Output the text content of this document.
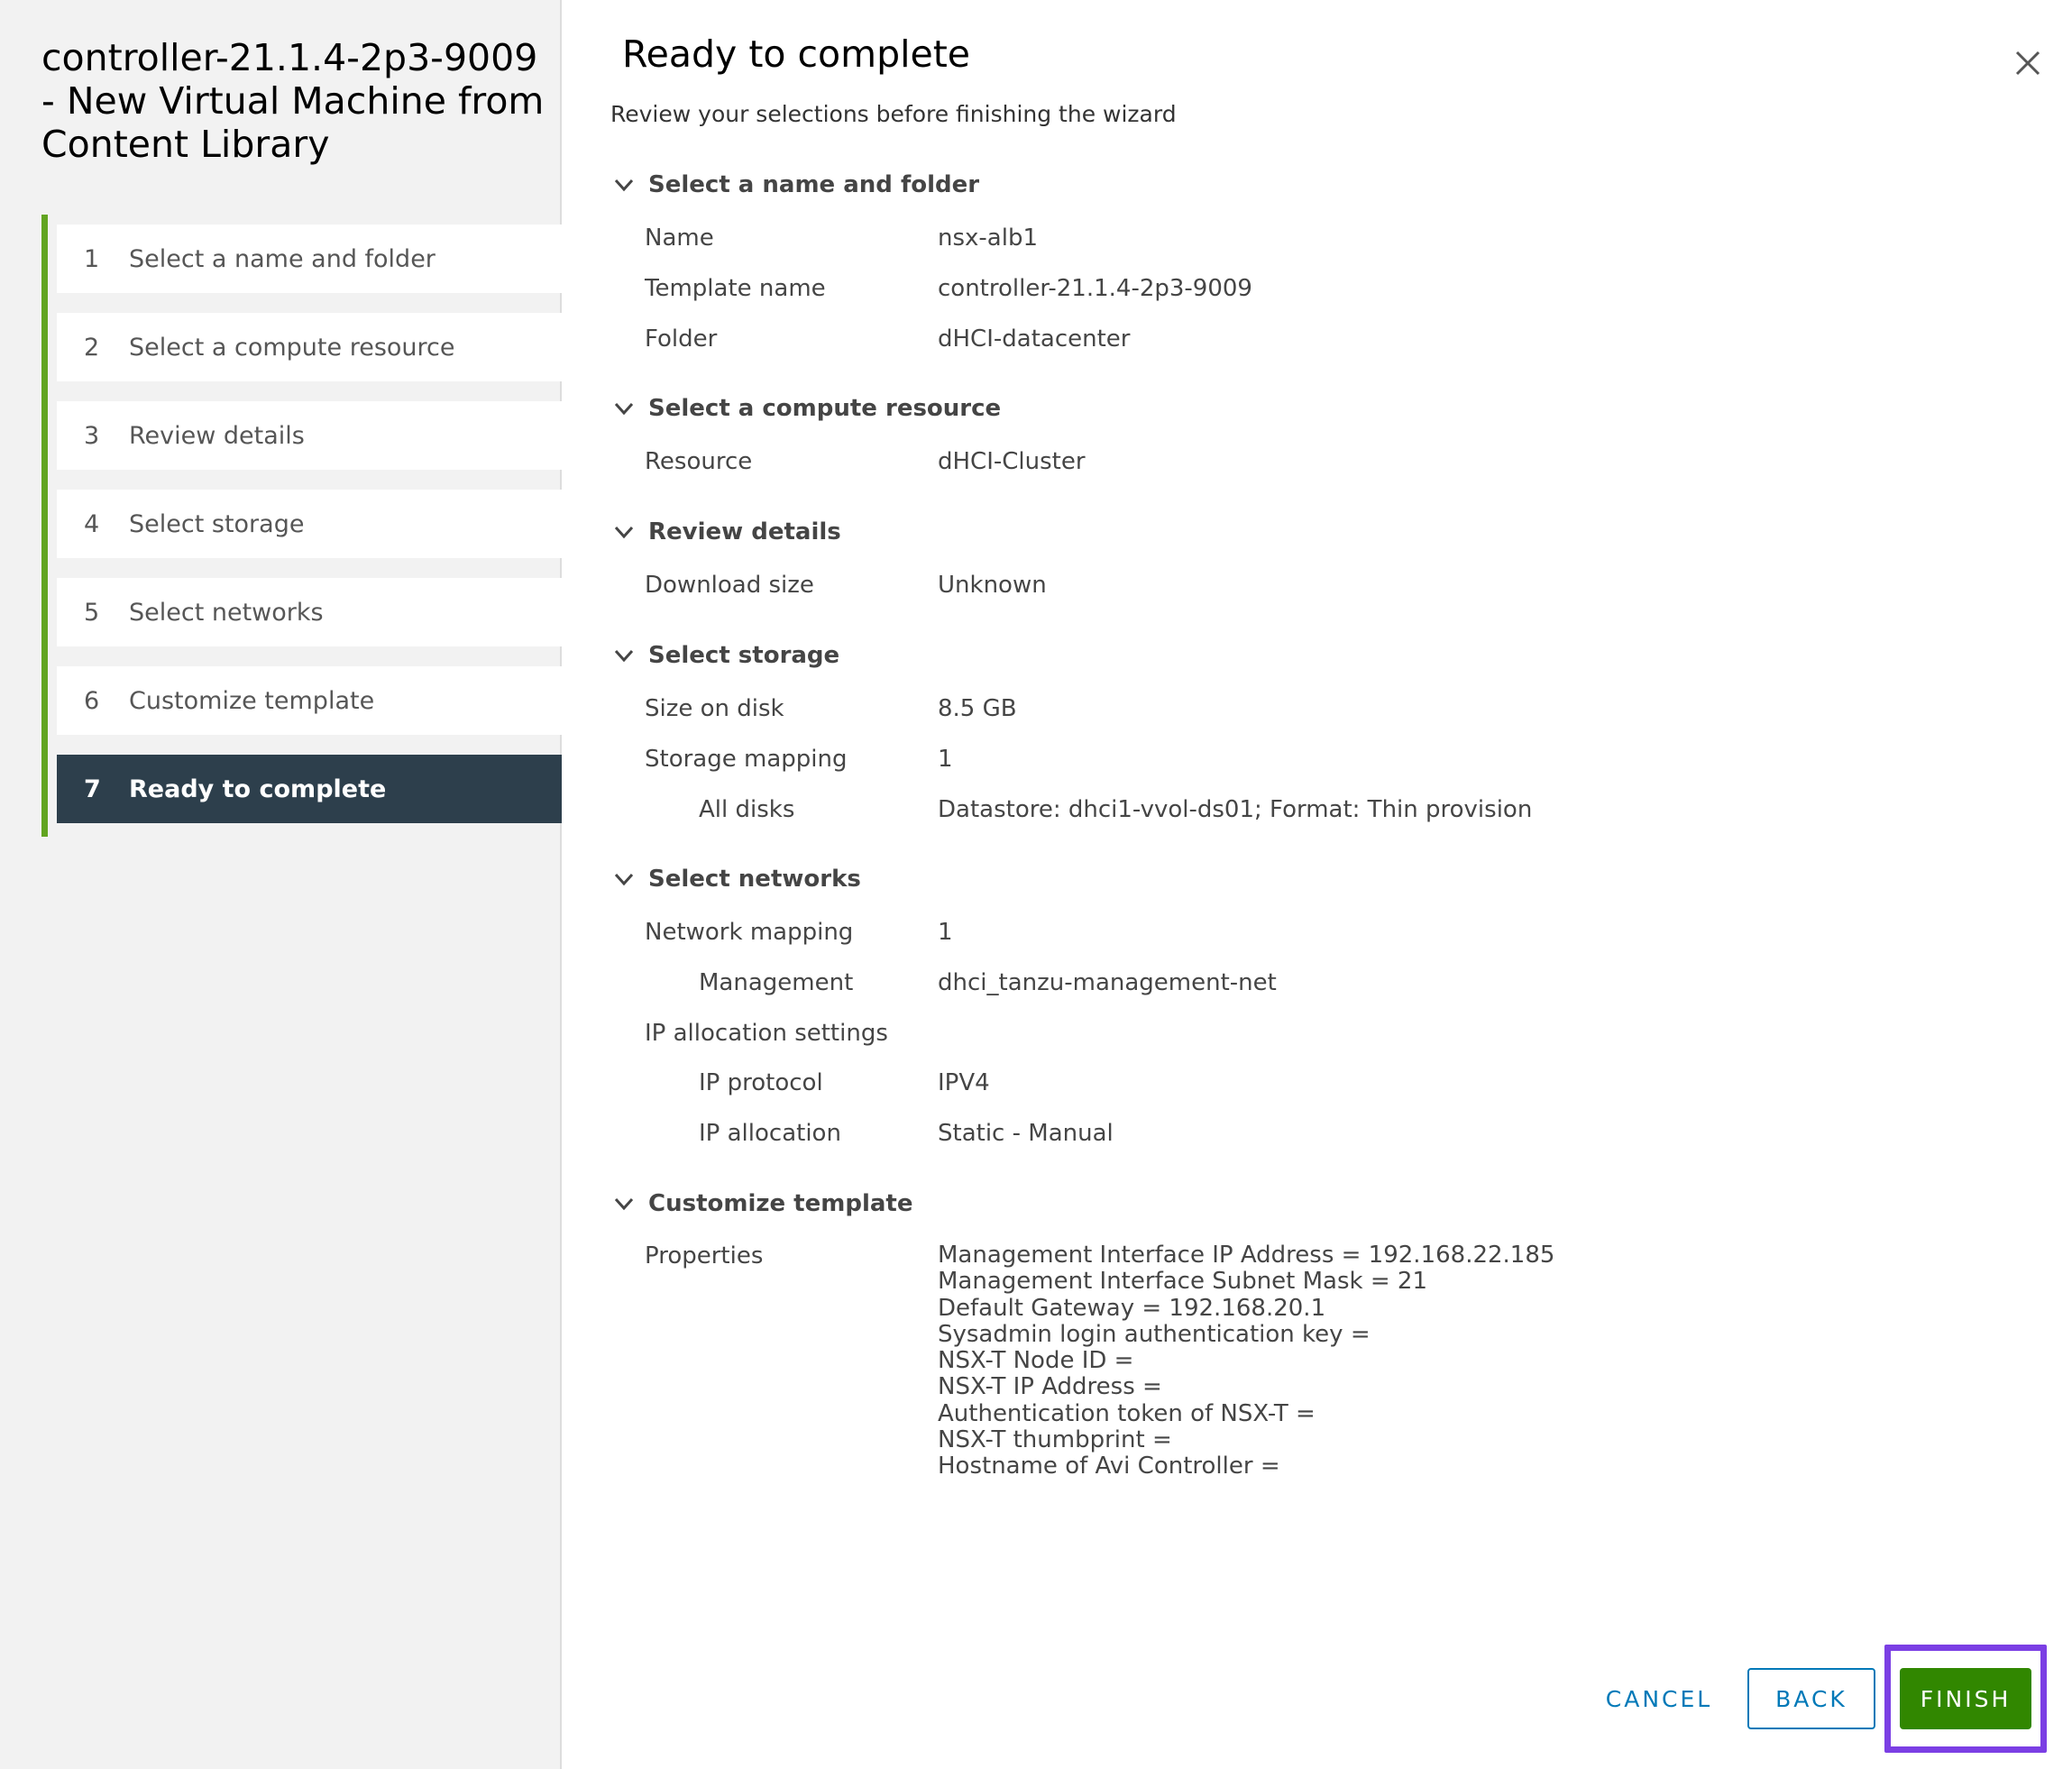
controller-21.1.4-2p3-9009 - New Virtual Machine from Content Library
1	Select a name and folder
2	Select a compute resource
3	Review details
4	Select storage
5	Select networks
6	Customize template
7	Ready to complete
Ready to complete
Review your selections before finishing the wizard
Select a name and folder
Name	nsx-alb1
Template name	controller-21.1.4-2p3-9009
Folder	dHCI-datacenter
Select a compute resource
Resource	dHCI-Cluster
Review details
Download size	Unknown
Select storage
Size on disk	8.5 GB
Storage mapping	1
All disks	Datastore: dhci1-vvol-ds01; Format: Thin provision
Select networks
Network mapping	1
Management	dhci_tanzu-management-net
IP allocation settings
IP protocol	IPV4
IP allocation	Static - Manual
Customize template
Properties	Management Interface IP Address = 192.168.22.185
Management Interface Subnet Mask = 21
Default Gateway = 192.168.20.1
Sysadmin login authentication key =
NSX-T Node ID =
NSX-T IP Address =
Authentication token of NSX-T =
NSX-T thumbprint =
Hostname of Avi Controller =
CANCEL	BACK	FINISH
